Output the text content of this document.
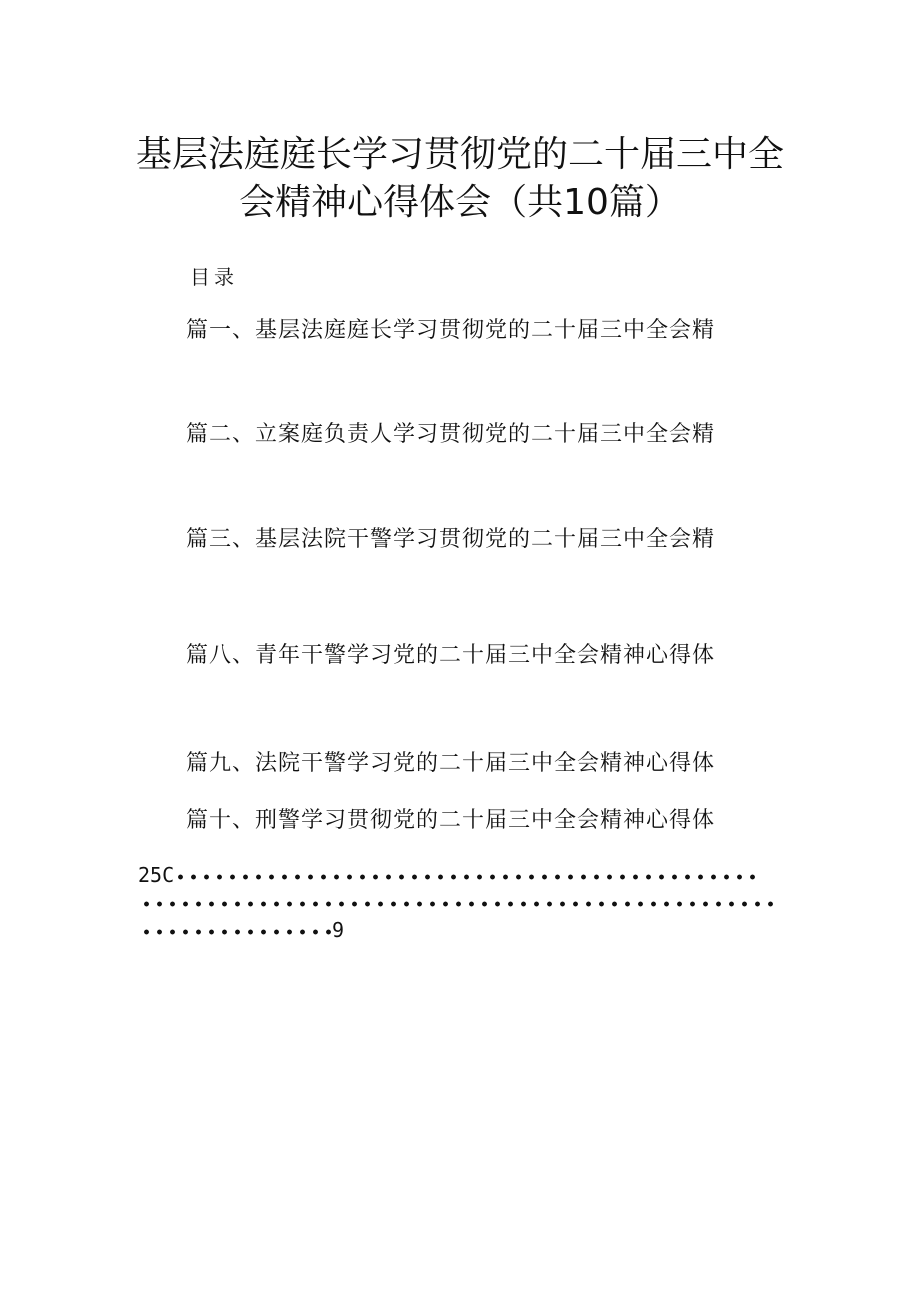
基层法庭庭长学习贯彻党的二十届三中全
会精神心得体会（共10篇）
目录
篇一、基层法庭庭长学习贯彻党的二十届三中全会精
篇二、立案庭负责人学习贯彻党的二十届三中全会精
篇三、基层法院干警学习贯彻党的二十届三中全会精
篇八、青年干警学习党的二十届三中全会精神心得体
篇九、法院干警学习党的二十届三中全会精神心得体
篇十、刑警学习贯彻党的二十届三中全会精神心得体
25C
9
